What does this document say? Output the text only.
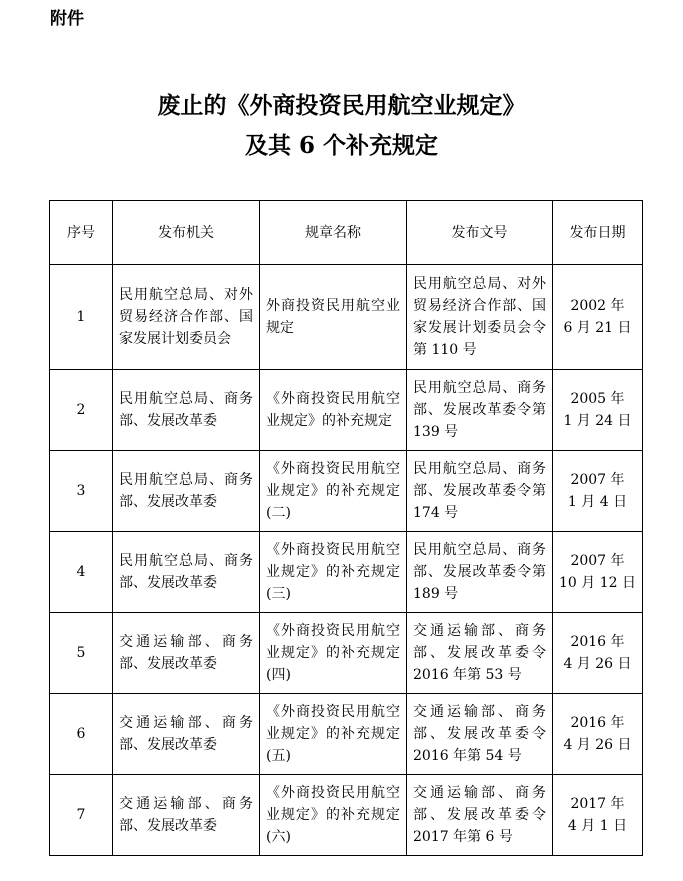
附件
废止的《外商投资民用航空业规定》
及其 6 个补充规定
序号	发布机关	规章名称	发布文号	发布日期
1	民用航空总局、对外贸易经济合作部、国家发展计划委员会	外商投资民用航空业规定	民用航空总局、对外贸易经济合作部、国家发展计划委员会令第 110 号	2002 年
6 月 21 日

2	民用航空总局、商务部、发展改革委	《外商投资民用航空业规定》的补充规定	民用航空总局、商务部、发展改革委令第 139 号	2005 年
1 月 24 日

3	民用航空总局、商务部、发展改革委	《外商投资民用航空业规定》的补充规定(二)	民用航空总局、商务部、发展改革委令第 174 号	2007 年
1 月 4 日

4	民用航空总局、商务部、发展改革委	《外商投资民用航空业规定》的补充规定(三)	民用航空总局、商务部、发展改革委令第 189 号	2007 年
10 月 12 日

5	交通运输部、商务部、发展改革委	《外商投资民用航空业规定》的补充规定(四)	交通运输部、商务部、发展改革委令 2016 年第 53 号	2016 年
4 月 26 日

6	交通运输部、商务部、发展改革委	《外商投资民用航空业规定》的补充规定(五)	交通运输部、商务部、发展改革委令 2016 年第 54 号	2016 年
4 月 26 日

7	交通运输部、商务部、发展改革委	《外商投资民用航空业规定》的补充规定(六)	交通运输部、商务部、发展改革委令 2017 年第 6 号	2017 年
4 月 1 日
